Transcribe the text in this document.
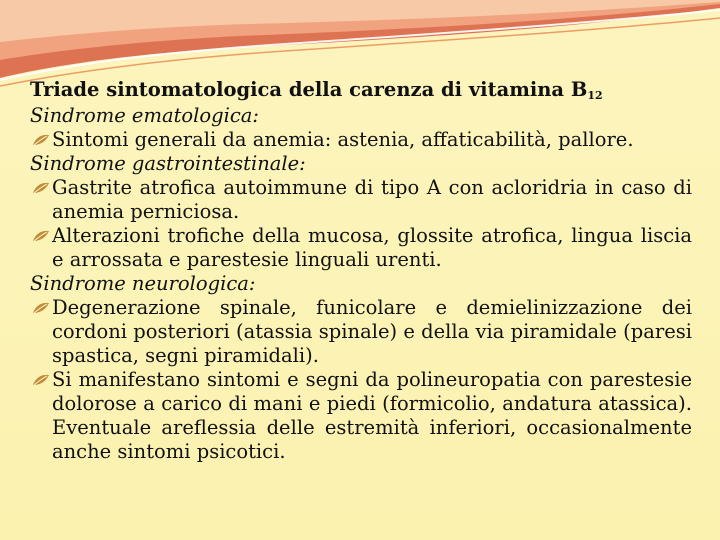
Triade sintomatologica della carenza di vitamina $B_{12}$
Sindrome ematologica:
Sintomi generali da anemia: astenia, affaticabilità, pallore.
Sindrome gastrointestinale:
Gastrite atrofica autoimmune di tipo A con acloridria in caso di anemia perniciosa.
Alterazioni trofiche della mucosa, glossite atrofica, lingua liscia e arrossata e parestesie linguali urenti.
Sindrome neurologica:
Degenerazione spinale, funicolare e demielinizzazione dei cordoni posteriori (atassia spinale) e della via piramidale (paresi spastica, segni piramidali).
Si manifestano sintomi e segni da polineuropatia con parestesie dolorose a carico di mani e piedi (formicolio, andatura atassica). Eventuale areflessia delle estremità inferiori, occasionalmente anche sintomi psicotici.
